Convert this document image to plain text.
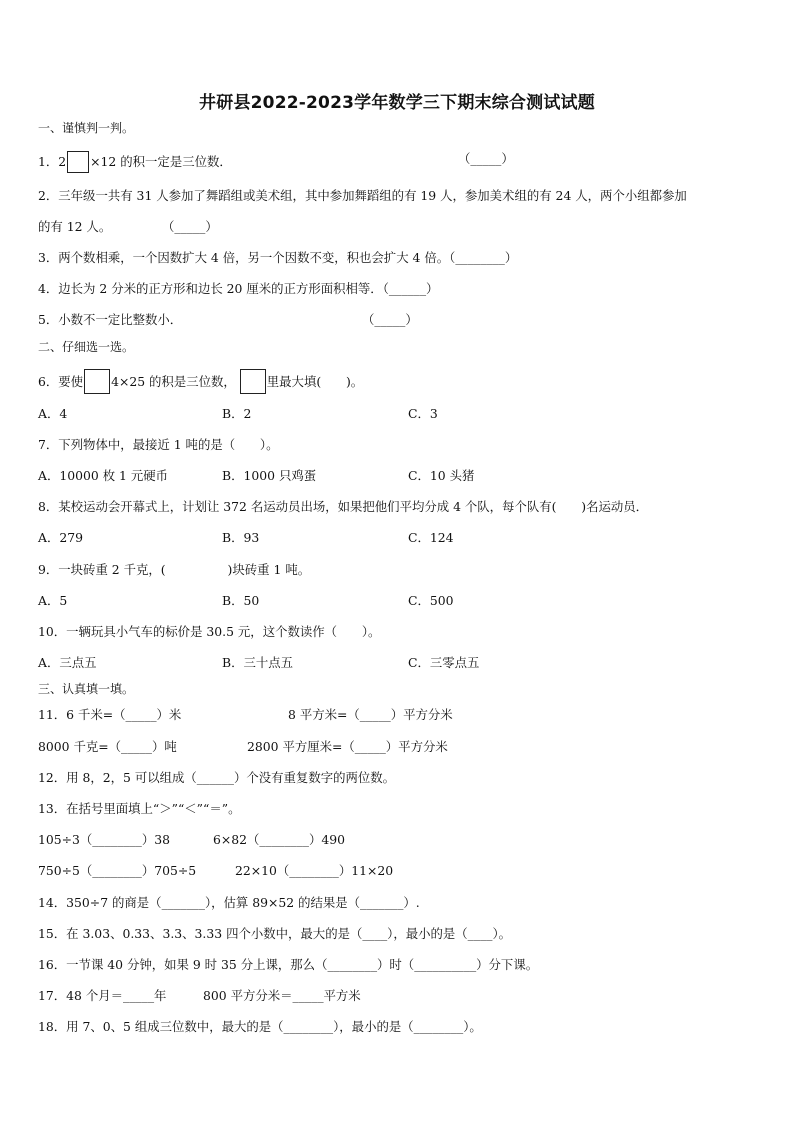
井研县2022-2023学年数学三下期末综合测试试题
一、谨慎判一判。
1．2 ×12 的积一定是三位数．	（_____）
2．三年级一共有 31 人参加了舞蹈组或美术组，其中参加舞蹈组的有 19 人，参加美术组的有 24 人，两个小组都参加
的有 12 人。	（_____）
3．两个数相乘，一个因数扩大 4 倍，另一个因数不变，积也会扩大 4 倍。（________）
4．边长为 2 分米的正方形和边长 20 厘米的正方形面积相等．（______）
5．小数不一定比整数小．	（_____）
二、仔细选一选。
6．要使 4×25 的积是三位数，	里最大填(　　)。
A．4	B．2	C．3
7．下列物体中，最接近 1 吨的是（　　）。
A．10000 枚 1 元硬币	B．1000 只鸡蛋	C．10 头猪
8．某校运动会开幕式上，计划让 372 名运动员出场，如果把他们平均分成 4 个队，每个队有(　　)名运动员．
A．279	B．93	C．124
9．一块砖重 2 千克，(　　　　　)块砖重 1 吨。
A．5	B．50	C．500
10．一辆玩具小气车的标价是 30.5 元，这个数读作（　　）。
A．三点五	B．三十点五	C．三零点五
三、认真填一填。
11．6 千米=（_____）米	8 平方米=（_____）平方分米
8000 千克=（_____）吨	2800 平方厘米=（_____）平方分米
12．用 8，2，5 可以组成（______）个没有重复数字的两位数。
13．在括号里面填上“＞”“＜”“＝”。
105÷3（________）38	6×82（________）490
750÷5（________）705÷5	22×10（________）11×20
14．350÷7 的商是（_______），估算 89×52 的结果是（_______）.
15．在 3.03、0.33、3.3、3.33 四个小数中，最大的是（____），最小的是（____）。
16．一节课 40 分钟，如果 9 时 35 分上课，那么（________）时（__________）分下课。
17．48 个月＝_____年	800 平方分米＝_____平方米
18．用 7、0、5 组成三位数中，最大的是（________），最小的是（________）。
